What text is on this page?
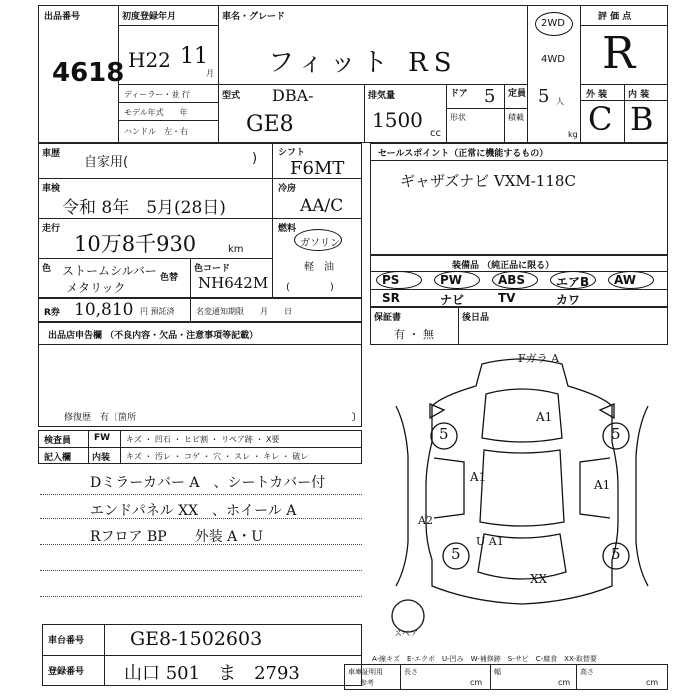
出品番号
4618
初度登録年月
H22 11
月
車名・グレード
フィット RS
2WD
4WD
評 価 点
R
ディーラー・並 行
モデル年式　　年
ハンドル　左・右
型式 DBA-
GE8
排気量
1500
cc
ドア 5 定員 5 人
形状	積載
kg
外 装 内 装
C B
車歴
自家用(	) シフト
F6MT
車検
令和 8年　5月(28日)
冷房
AA/C
走行
10万8千930	km
燃料
ガソリン
軽　油
(　　　　)
色 ストームシルバー
メタリック
色替
色コード
NH642M
R券 10,810 円 預託済	名変通知期限　　月　　日
出品店申告欄 （不良内容・欠品・注意事項等記載）
修復歴　有〔箇所	〕
検査員
記入欄
FW キズ ・ 凹石 ・ ヒビ割 ・ リペア跡 ・ X要
内装 キズ ・ 汚レ ・ コゲ ・ 穴 ・ スレ ・ キレ ・ 破レ
Dミラーカバー A　、シートカバー付
エンドパネル XX　、ホイール A
Rフロア BP　　外装 A・U
車台番号 GE8-1502603
登録番号 山口 501　ま　2793
セールスポイント（正常に機能するもの）
ギャザズナビ VXM-118C
装備品 （純正品に限る）
PS	PW	ABS	エアB AW
SR	ナビ	TV	カワ
保証書
有 ・ 無
後日品
Fガラ A
A1
A1
A1
A2
U A1
XX
5	5
5	5
スペア
A-線キズ　E-エクボ　U-凹み　W-補修跡　S-サビ　C-腐食　XX-取替要
車庫証明用
参考
長さ
cm
幅
cm
高さ
cm
